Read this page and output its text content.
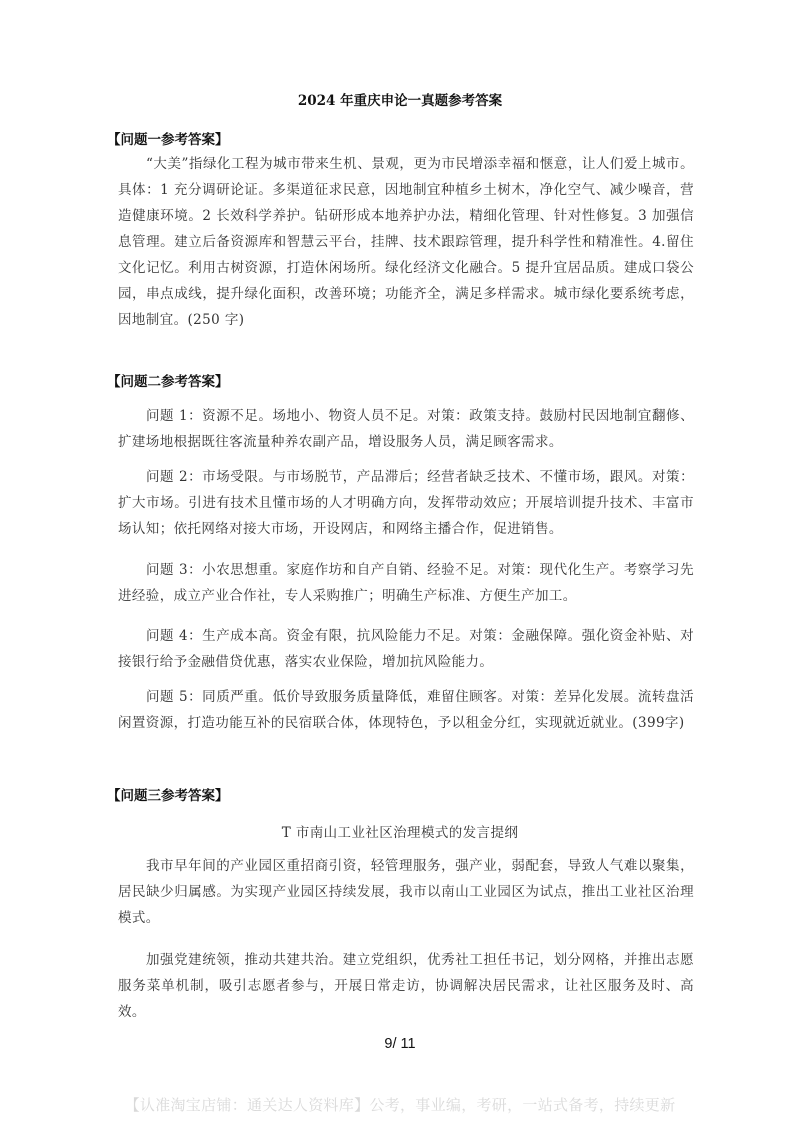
2024 年重庆申论一真题参考答案
【问题一参考答案】
“大美”指绿化工程为城市带来生机、景观，更为市民增添幸福和惬意，让人们爱上城市。具体：1 充分调研论证。多渠道征求民意，因地制宜种植乡土树木，净化空气、减少噪音，营造健康环境。2 长效科学养护。钻研形成本地养护办法，精细化管理、针对性修复。3 加强信息管理。建立后备资源库和智慧云平台，挂牌、技术跟踪管理，提升科学性和精准性。4.留住文化记忆。利用古树资源，打造休闲场所。绿化经济文化融合。5 提升宜居品质。建成口袋公园，串点成线，提升绿化面积，改善环境；功能齐全，满足多样需求。城市绿化要系统考虑，因地制宜。(250 字)
【问题二参考答案】
问题 1：资源不足。场地小、物资人员不足。对策：政策支持。鼓励村民因地制宜翻修、扩建场地根据既往客流量种养农副产品，增设服务人员，满足顾客需求。
问题 2：市场受限。与市场脱节，产品滞后；经营者缺乏技术、不懂市场，跟风。对策：扩大市场。引进有技术且懂市场的人才明确方向，发挥带动效应；开展培训提升技术、丰富市场认知；依托网络对接大市场，开设网店，和网络主播合作，促进销售。
问题 3：小农思想重。家庭作坊和自产自销、经验不足。对策：现代化生产。考察学习先进经验，成立产业合作社，专人采购推广；明确生产标准、方便生产加工。
问题 4：生产成本高。资金有限，抗风险能力不足。对策：金融保障。强化资金补贴、对接银行给予金融借贷优惠，落实农业保险，增加抗风险能力。
问题 5：同质严重。低价导致服务质量降低，难留住顾客。对策：差异化发展。流转盘活闲置资源，打造功能互补的民宿联合体，体现特色，予以租金分红，实现就近就业。(399字)
【问题三参考答案】
T 市南山工业社区治理模式的发言提纲
我市早年间的产业园区重招商引资，轻管理服务，强产业，弱配套，导致人气难以聚集，居民缺少归属感。为实现产业园区持续发展，我市以南山工业园区为试点，推出工业社区治理模式。
加强党建统领，推动共建共治。建立党组织，优秀社工担任书记，划分网格，并推出志愿服务菜单机制，吸引志愿者参与，开展日常走访，协调解决居民需求，让社区服务及时、高效。
9/ 11
【认准淘宝店铺：通关达人资料库】公考，事业编，考研，一站式备考，持续更新
